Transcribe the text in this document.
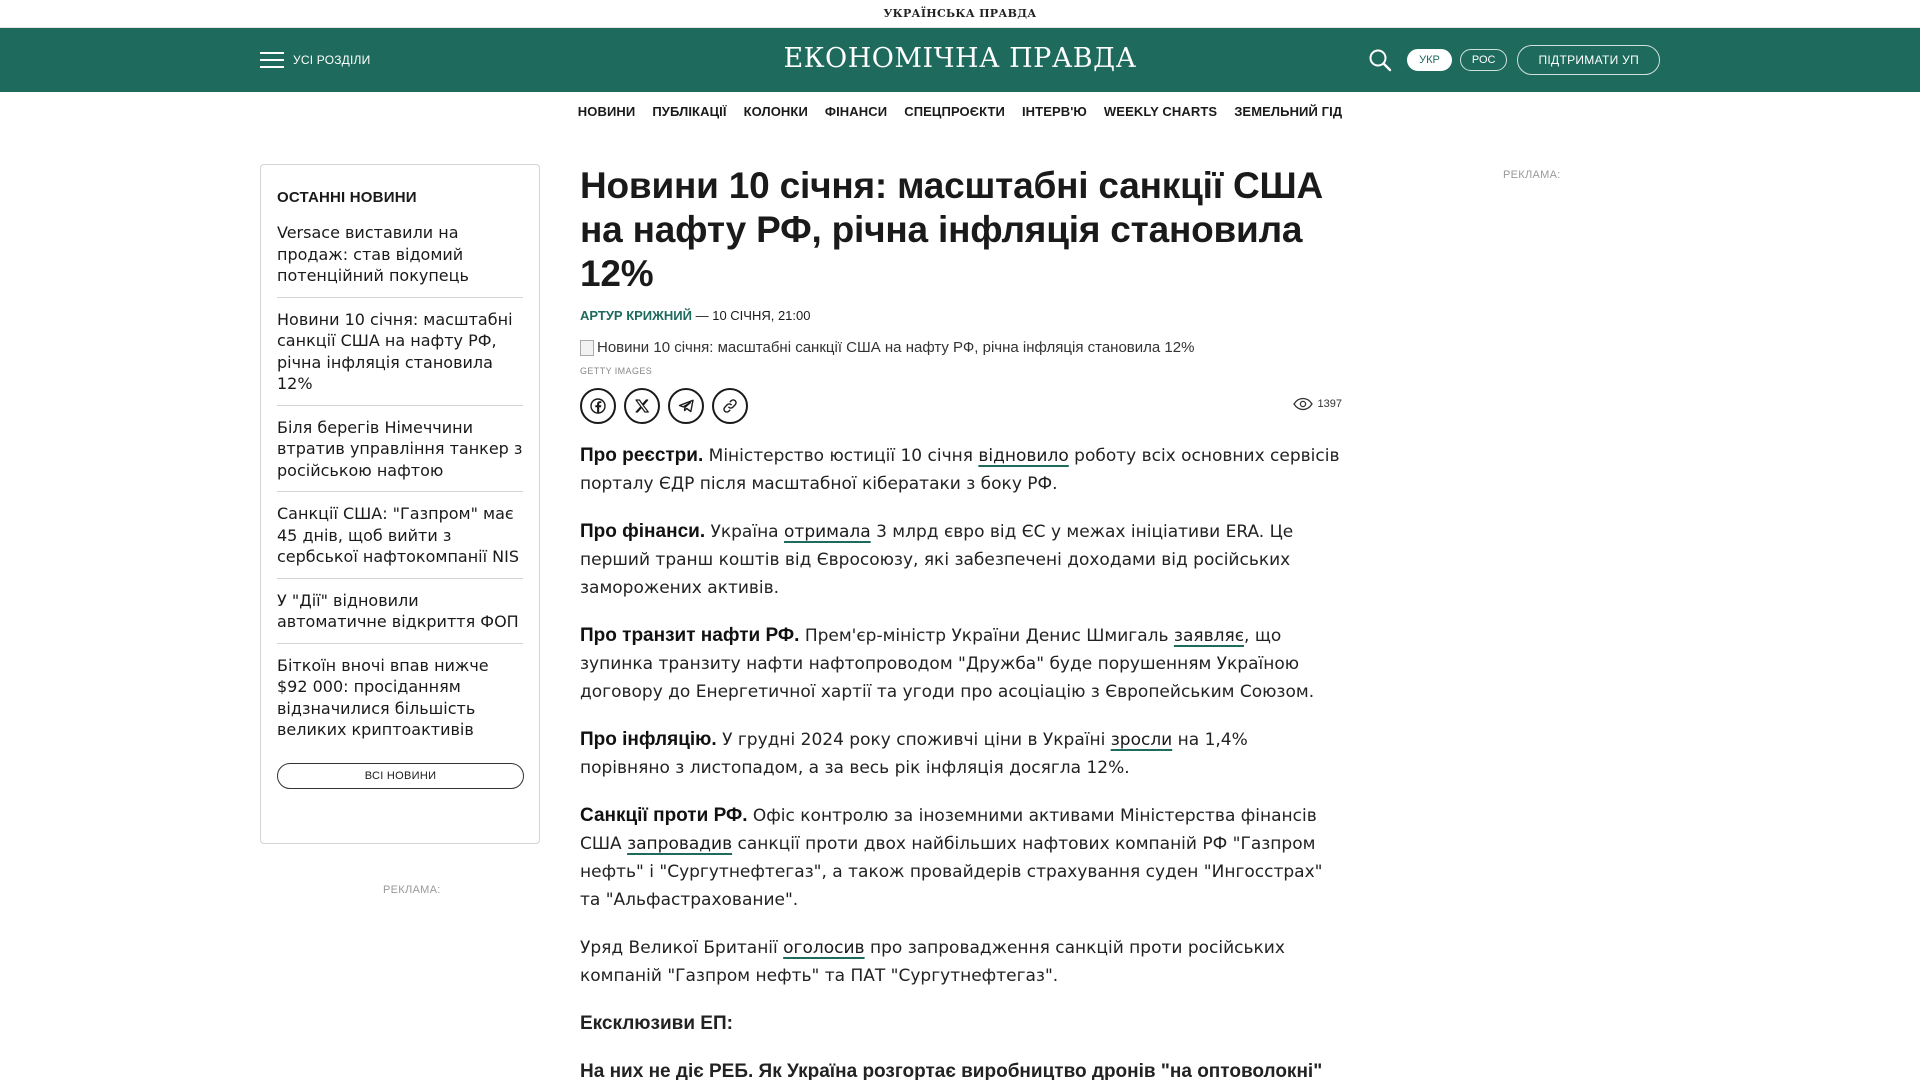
УКРАЇНСЬКА ПРАВДА
УСІ РОЗДІЛИ	ЕКОНОМІЧНА ПРАВДА	УКР	РОС	ПІДТРИМАТИ УП
НОВИНИ ПУБЛІКАЦІЇ КОЛОНКИ ФІНАНСИ СПЕЦПРОЄКТИ ІНТЕРВ'Ю WEEKLY CHARTS ЗЕМЕЛЬНИЙ ГІД
ОСТАННІ НОВИНИ
Versace виставили на продаж: став відомий потенційний покупець
Новини 10 січня: масштабні санкції США на нафту РФ, річна інфляція становила 12%
Біля берегів Німеччини втратив управління танкер з російською нафтою
Санкції США: "Газпром" має 45 днів, щоб вийти з сербської нафтокомпанії NIS
У "Дії" відновили автоматичне відкриття ФОП
Біткоїн вночі впав нижче $92 000: просіданням відзначилися більшість великих криптоактивів
ВСІ НОВИНИ
РЕКЛАМА:
РЕКЛАМА:
Новини 10 січня: масштабні санкції США на нафту РФ, річна інфляція становила 12%
АРТУР КРИЖНИЙ — 10 СІЧНЯ, 21:00
Новини 10 січня: масштабні санкції США на нафту РФ, річна інфляція становила 12%
GETTY IMAGES
1397

Про реєстри. Міністерство юстиції 10 січня відновило роботу всіх основних сервісів порталу ЄДР після масштабної кібератаки з боку РФ.

Про фінанси. Україна отримала 3 млрд євро від ЄС у межах ініціативи ERA. Це перший транш коштів від Євросоюзу, які забезпечені доходами від російських заморожених активів.

Про транзит нафти РФ. Прем'єр-міністр України Денис Шмигаль заявляє, що зупинка транзиту нафти нафтопроводом "Дружба" буде порушенням Україною договору до Енергетичної хартії та угоди про асоціацію з Європейським Союзом.

Про інфляцію. У грудні 2024 року споживчі ціни в Україні зросли на 1,4% порівняно з листопадом, а за весь рік інфляція досягла 12%.

Санкції проти РФ. Офіс контролю за іноземними активами Міністерства фінансів США запровадив санкції проти двох найбільших нафтових компаній РФ "Газпром нефть" і "Сургутнефтегаз", а також провайдерів страхування суден "Ингосстрах" та "Альфастрахование".

Уряд Великої Британії оголосив про запровадження санкцій проти російських компаній "Газпром нефть" та ПАТ "Сургутнефтегаз".

Ексклюзиви ЕП:

На них не діє РЕБ. Як Україна розгортає виробництво дронів "на оптоволокні"
